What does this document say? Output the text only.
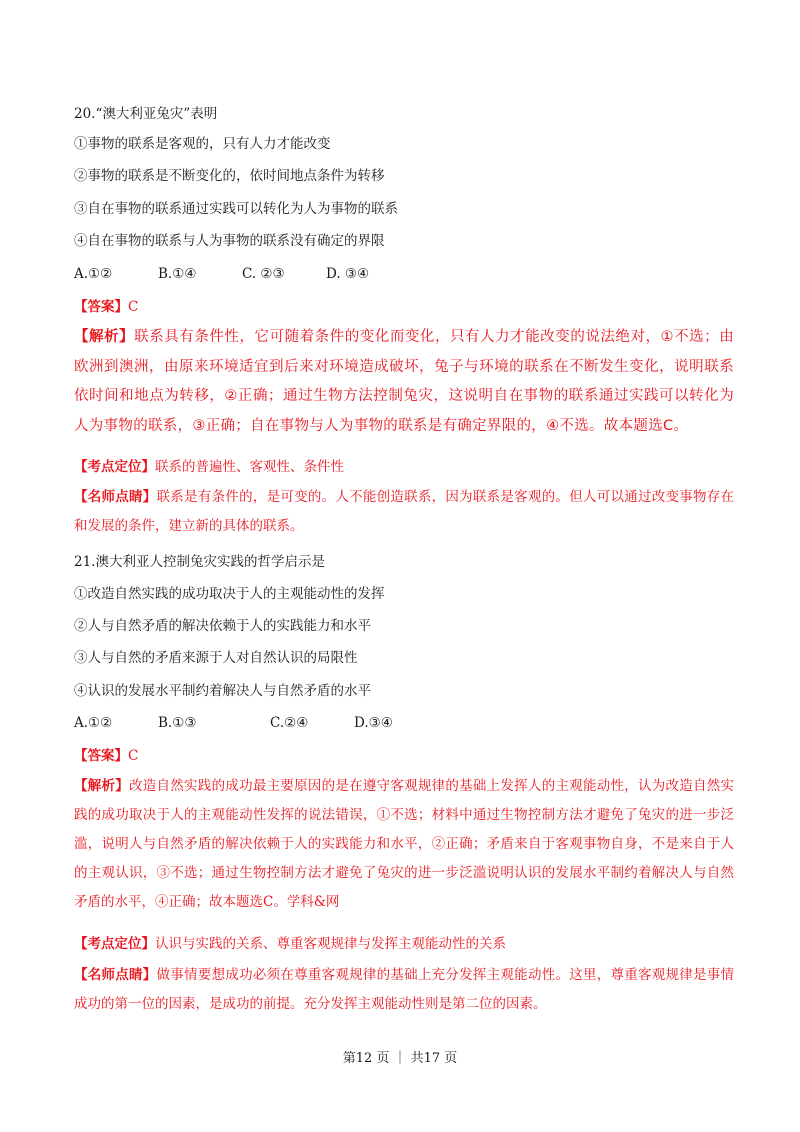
20.“澳大利亚兔灾”表明
①事物的联系是客观的，只有人力才能改变
②事物的联系是不断变化的，依时间地点条件为转移
③自在事物的联系通过实践可以转化为人为事物的联系
④自在事物的联系与人为事物的联系没有确定的界限
A.①②	B.①④	C. ②③	D. ③④
【答案】C
【解析】联系具有条件性，它可随着条件的变化而变化，只有人力才能改变的说法绝对，①不选；由欧洲到澳洲，由原来环境适宜到后来对环境造成破坏，兔子与环境的联系在不断发生变化，说明联系依时间和地点为转移，②正确；通过生物方法控制兔灾，这说明自在事物的联系通过实践可以转化为人为事物的联系，③正确；自在事物与人为事物的联系是有确定界限的，④不选。故本题选C。
【考点定位】联系的普遍性、客观性、条件性
【名师点睛】联系是有条件的，是可变的。人不能创造联系，因为联系是客观的。但人可以通过改变事物存在和发展的条件，建立新的具体的联系。
21.澳大利亚人控制兔灾实践的哲学启示是
①改造自然实践的成功取决于人的主观能动性的发挥
②人与自然矛盾的解决依赖于人的实践能力和水平
③人与自然的矛盾来源于人对自然认识的局限性
④认识的发展水平制约着解决人与自然矛盾的水平
A.①②	B.①③	C.②④	D.③④
【答案】C
【解析】改造自然实践的成功最主要原因的是在遵守客观规律的基础上发挥人的主观能动性，认为改造自然实践的成功取决于人的主观能动性发挥的说法错误，①不选；材料中通过生物控制方法才避免了兔灾的进一步泛滥，说明人与自然矛盾的解决依赖于人的实践能力和水平，②正确；矛盾来自于客观事物自身，不是来自于人的主观认识，③不选；通过生物控制方法才避免了兔灾的进一步泛滥说明认识的发展水平制约着解决人与自然矛盾的水平，④正确；故本题选C。学科&网
【考点定位】认识与实践的关系、尊重客观规律与发挥主观能动性的关系
【名师点睛】做事情要想成功必须在尊重客观规律的基础上充分发挥主观能动性。这里，尊重客观规律是事情成功的第一位的因素，是成功的前提。充分发挥主观能动性则是第二位的因素。
第12 页 ｜ 共17 页
